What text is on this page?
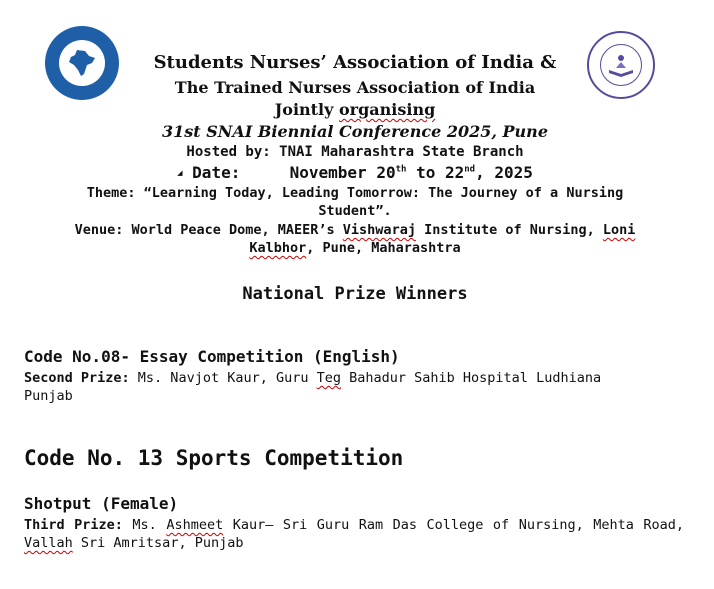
Students Nurses’ Association of India &
The Trained Nurses Association of India
Jointly organising
31st SNAI Biennial Conference 2025, Pune
Hosted by: TNAI Maharashtra State Branch
◢ Date:	November 20th to 22nd, 2025
Theme: “Learning Today, Leading Tomorrow: The Journey of a Nursing
Student”.
Venue: World Peace Dome, MAEER’s Vishwaraj Institute of Nursing, Loni
Kalbhor, Pune, Maharashtra
National Prize Winners
Code No.08- Essay Competition (English)
Second Prize: Ms. Navjot Kaur, Guru Teg Bahadur Sahib Hospital Ludhiana
Punjab
Code No. 13 Sports Competition
Shotput (Female)
Third Prize: Ms. Ashmeet Kaur– Sri Guru Ram Das College of Nursing, Mehta Road, Vallah Sri Amritsar, Punjab
